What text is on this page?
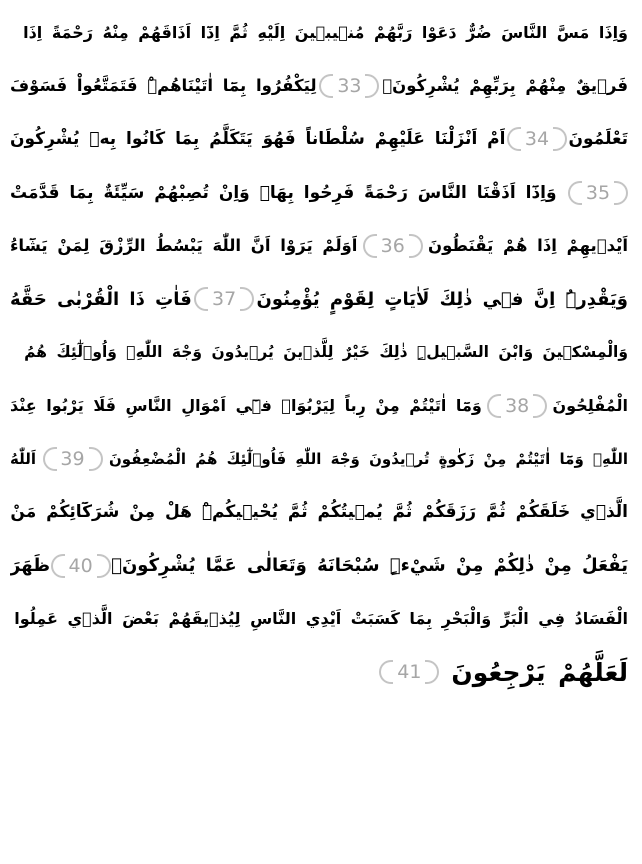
وَاِذَا مَسَّ النَّاسَ ضُرٌّ دَعَوْا رَبَّهُمْ مُن۪يب۪ينَ اِلَيْهِ ثُمَّ اِذَٓا اَذَاقَهُمْ مِنْهُ رَحْمَةً اِذَا
فَر۪يقٌ مِنْهُمْ بِرَبِّهِمْ يُشْرِكُونَۙ
33
لِيَكْفُرُوا بِمَٓا اٰتَيْنَاهُمْۜ فَتَمَتَّعُواْ فَسَوْفَ
تَعْلَمُونَ
34
اَمْ اَنْزَلْنَا عَلَيْهِمْ سُلْطَاناً فَهُوَ يَتَكَلَّمُ بِمَا كَانُوا بِه۪ يُشْرِكُونَ
35
وَاِذَٓا اَذَقْنَا النَّاسَ رَحْمَةً فَرِحُوا بِهَاۜ وَاِنْ تُصِبْهُمْ سَيِّئَةٌ بِمَا قَدَّمَتْ
اَيْد۪يهِمْ اِذَا هُمْ يَقْنَطُونَ
36
اَوَلَمْ يَرَوْا اَنَّ اللّٰهَ يَبْسُطُ الرِّزْقَ لِمَنْ يَشَٓاءُ
وَيَقْدِرُۜ اِنَّ ف۪ي ذٰلِكَ لَاٰيَاتٍ لِقَوْمٍ يُؤْمِنُونَ
37
فَاٰتِ ذَا الْقُرْبٰى حَقَّهُ
وَالْمِسْك۪ينَ وَابْنَ السَّب۪يلِۜ ذٰلِكَ خَيْرٌ لِلَّذ۪ينَ يُر۪يدُونَ وَجْهَ اللّٰهِۘ وَاُو۬لٰٓئِكَ هُمُ
الْمُفْلِحُونَ
38
وَمَٓا اٰتَيْتُمْ مِنْ رِباً لِيَرْبُوَا۟ ف۪ٓي اَمْوَالِ النَّاسِ فَلَا يَرْبُوا عِنْدَ
اللّٰهِۚ وَمَٓا اٰتَيْتُمْ مِنْ زَكٰوةٍ تُر۪يدُونَ وَجْهَ اللّٰهِ فَاُو۬لٰٓئِكَ هُمُ الْمُضْعِفُونَ
39
اَللّٰهُ
الَّذ۪ي خَلَقَكُمْ ثُمَّ رَزَقَكُمْ ثُمَّ يُم۪يتُكُمْ ثُمَّ يُحْي۪يكُمْۜ هَلْ مِنْ شُرَكَٓائِكُمْ مَنْ
يَفْعَلُ مِنْ ذٰلِكُمْ مِنْ شَيْءٍۜ سُبْحَانَهُ وَتَعَالٰى عَمَّا يُشْرِكُونَ۟
40
ظَهَرَ
الْفَسَادُ فِي الْبَرِّ وَالْبَحْرِ بِمَا كَسَبَتْ اَيْدِي النَّاسِ لِيُذ۪يقَهُمْ بَعْضَ الَّذ۪ي عَمِلُوا
لَعَلَّهُمْ يَرْجِعُونَ
41
